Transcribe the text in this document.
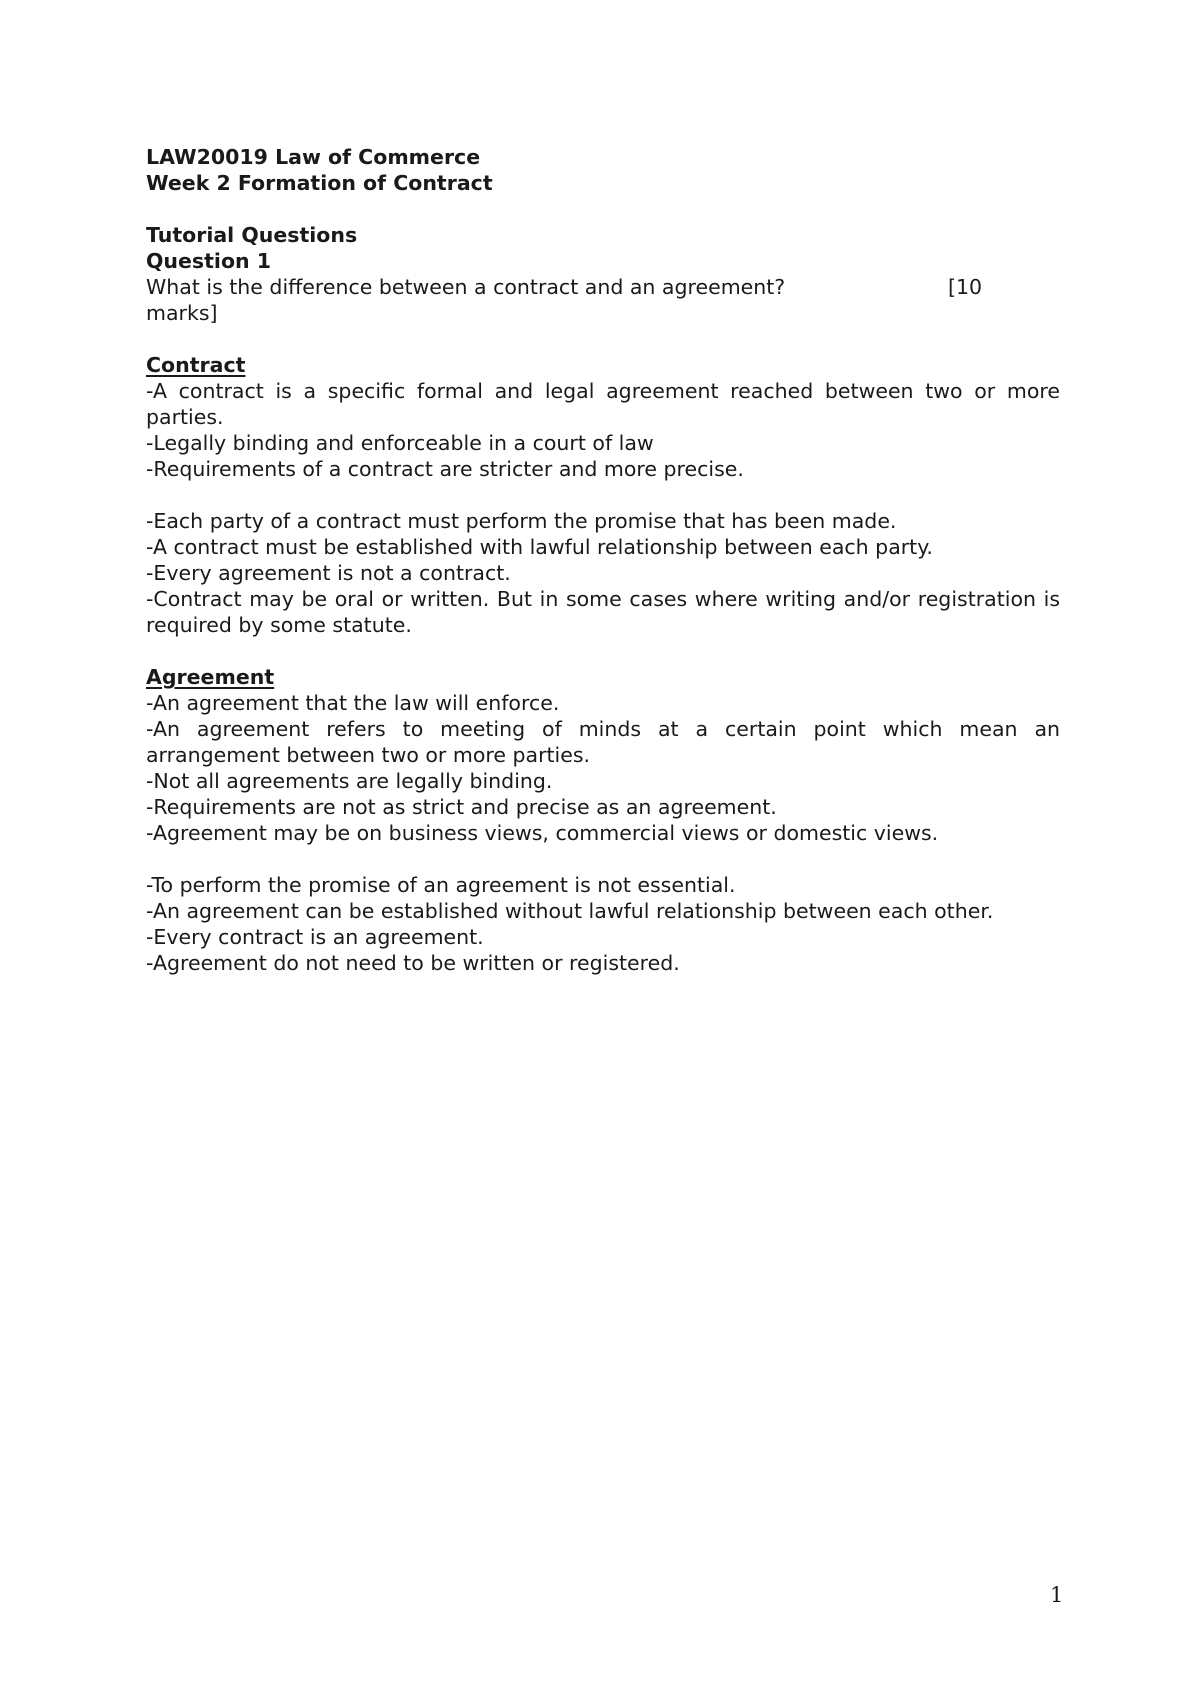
LAW20019 Law of Commerce
Week 2 Formation of Contract
Tutorial Questions
Question 1
What is the difference between a contract and an agreement?	[10
marks]
Contract

-A contract is a specific formal and legal agreement reached between two or more parties.

-Legally binding and enforceable in a court of law

-Requirements of a contract are stricter and more precise.

-Each party of a contract must perform the promise that has been made.

-A contract must be established with lawful relationship between each party.

-Every agreement is not a contract.

-Contract may be oral or written. But in some cases where writing and/or registration is required by some statute.

Agreement

-An agreement that the law will enforce.

-An agreement refers to meeting of minds at a certain point which mean an arrangement between two or more parties.

-Not all agreements are legally binding.

-Requirements are not as strict and precise as an agreement.

-Agreement may be on business views, commercial views or domestic views.

-To perform the promise of an agreement is not essential.

-An agreement can be established without lawful relationship between each other.

-Every contract is an agreement.

-Agreement do not need to be written or registered.

1
